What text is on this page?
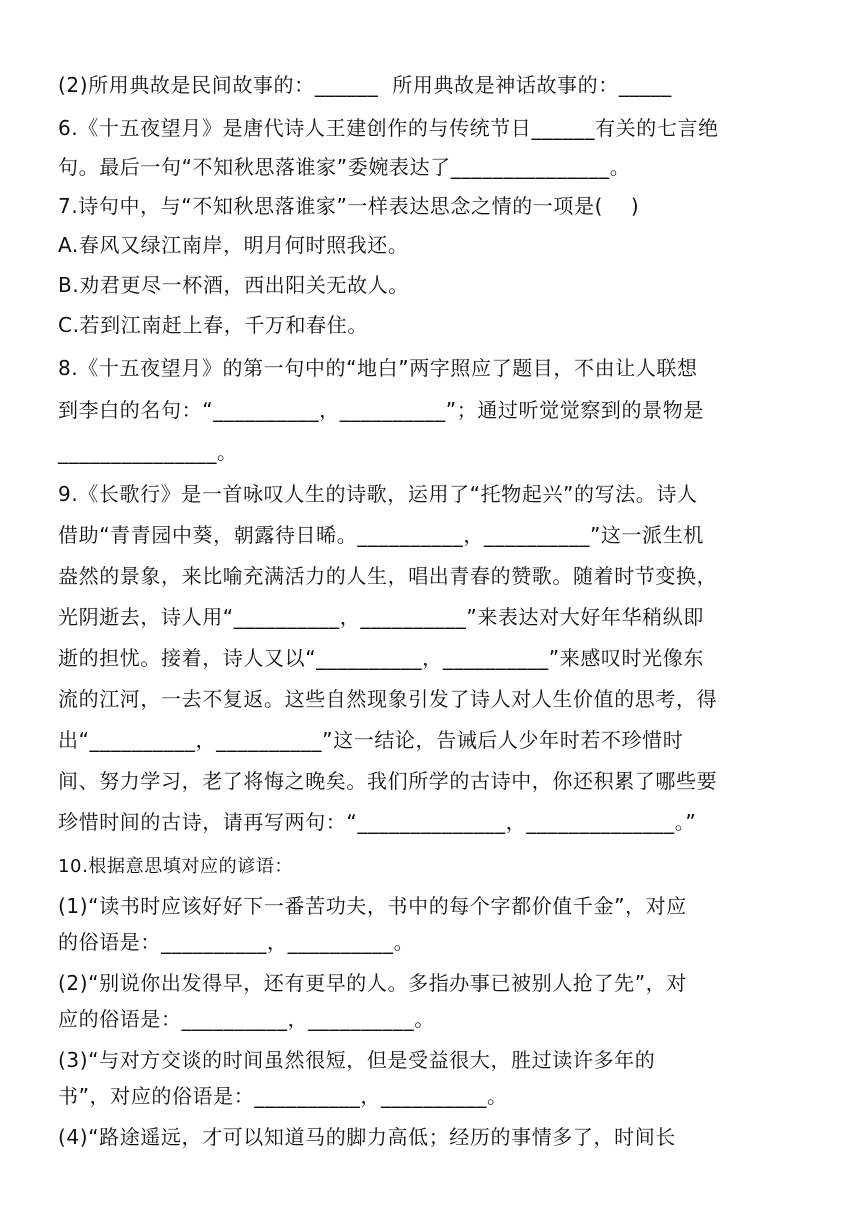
(2)所用典故是民间故事的：______  所用典故是神话故事的：_____
6.《十五夜望月》是唐代诗人王建创作的与传统节日______有关的七言绝
句。最后一句“不知秋思落谁家”委婉表达了_______________。
7.诗句中，与“不知秋思落谁家”一样表达思念之情的一项是(    )
A.春风又绿江南岸，明月何时照我还。
B.劝君更尽一杯酒，西出阳关无故人。
C.若到江南赶上春，千万和春住。
8.《十五夜望月》的第一句中的“地白”两字照应了题目，不由让人联想
到李白的名句：“__________，__________”；通过听觉觉察到的景物是
_______________。
9.《长歌行》是一首咏叹人生的诗歌，运用了“托物起兴”的写法。诗人
借助“青青园中葵，朝露待日晞。__________，__________”这一派生机
盎然的景象，来比喻充满活力的人生，唱出青春的赞歌。随着时节变换，
光阴逝去，诗人用“__________，__________”来表达对大好年华稍纵即
逝的担忧。接着，诗人又以“__________，__________”来感叹时光像东
流的江河，一去不复返。这些自然现象引发了诗人对人生价值的思考，得
出“__________，__________”这一结论，告诫后人少年时若不珍惜时
间、努力学习，老了将悔之晚矣。我们所学的古诗中，你还积累了哪些要
珍惜时间的古诗，请再写两句：“______________，______________。”
10.根据意思填对应的谚语：
(1)“读书时应该好好下一番苦功夫，书中的每个字都价值千金”，对应
的俗语是：__________，__________。
(2)“别说你出发得早，还有更早的人。多指办事已被别人抢了先”，对
应的俗语是：__________，__________。
(3)“与对方交谈的时间虽然很短，但是受益很大，胜过读许多年的
书”，对应的俗语是：__________，__________。
(4)“路途遥远，才可以知道马的脚力高低；经历的事情多了，时间长
